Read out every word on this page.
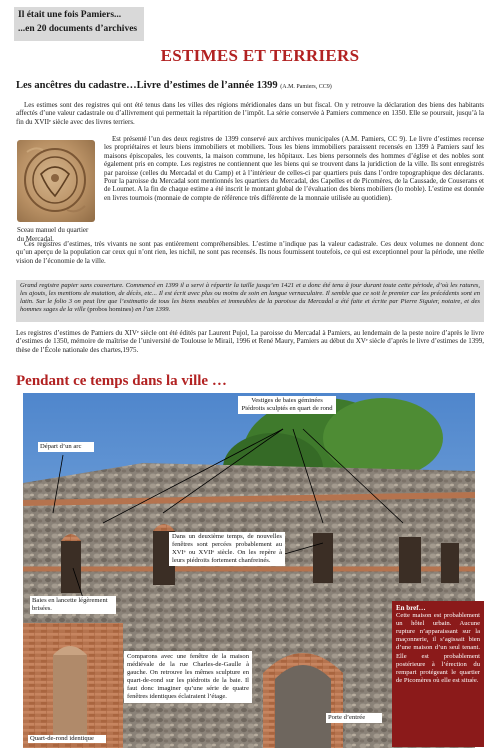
Il était une fois Pamiers...
...en 20 documents d’archives
ESTIMES ET TERRIERS
Les ancêtres du cadastre…Livre d’estimes de l’année 1399 (A.M. Pamiers, CC9)
Les estimes sont des registres qui ont été tenus dans les villes des régions méridionales dans un but fiscal. On y retrouve la déclaration des biens des habitants affectés d’une valeur cadastrale ou d’allivrement qui permettait la répartition de l’impôt. La série conservée à Pamiers commence en 1350. Elle se poursuit, jusqu’à la fin du XVIIᵉ siècle avec des livres terriers.
Sceau manuel du quartier du Mercadal.
Est présenté l’un des deux registres de 1399 conservé aux archives municipales (A.M. Pamiers, CC 9). Le livre d’estimes recense les propriétaires et leurs biens immobiliers et mobiliers. Tous les biens immobiliers paraissent recensés en 1399 à Pamiers sauf les maisons épiscopales, les couvents, la maison commune, les hôpitaux. Les biens personnels des hommes d’église et des nobles sont également pris en compte. Les registres ne contiennent que les biens qui se trouvent dans la juridiction de la ville. Ils sont enregistrés par paroisse (celles du Mercadal et du Camp) et à l’intérieur de celles-ci par quartiers puis dans l’ordre topographique des déclarants. Pour la paroisse du Mercadal sont mentionnés les quartiers du Mercadal, des Capelles et de Picomères, de la Caussade, de Couserans et de Loumet. A la fin de chaque estime a été inscrit le montant global de l’évaluation des biens mobiliers (lo moble). L’estime est donnée en livres tournois (monnaie de compte de référence très différente de la monnaie utilisée au quotidien).
Ces registres d’estimes, très vivants ne sont pas entièrement compréhensibles. L’estime n’indique pas la valeur cadastrale. Ces deux volumes ne donnent donc qu’un aperçu de la population car ceux qui n’ont rien, les nichil, ne sont pas recensés. Ils nous fournissent toutefois, ce qui est exceptionnel pour la période, une réelle vision de l’économie de la ville.
Grand registre papier sans couverture. Commencé en 1399 il a servi à répartir la taille jusqu’en 1421 et a donc été tenu à jour durant toute cette période, d’où les ratures, les ajouts, les mentions de mutation, de décès, etc... Il est écrit avec plus ou moins de soin en langue vernaculaire. Il semble que ce soit le premier car les précédents sont en latin. Sur le folio 3 on peut lire que l’estimatio de tous les biens meubles et immeubles de la paroisse du Mercadal a été faite et écrite par Pierre Siguier, notaire, et des hommes sages de la ville (probos homines) en l’an 1399.
Les registres d’estimes de Pamiers du XIVᵉ siècle ont été édités par Laurent Pujol, La paroisse du Mercadal à Pamiers, au lendemain de la peste noire d’après le livre d’estimes de 1350, mémoire de maîtrise de l’université de Toulouse le Mirail, 1996 et René Maury, Pamiers au début du XVᵉ siècle d’après le livre d’estimes de 1399, thèse de l’École nationale des chartes,1975.
Pendant ce temps dans la ville …
Vestiges de baies géminées Piédroits sculptés en quart de rond
Départ d’un arc
Dans un deuxième temps, de nouvelles fenêtres sont percées probablement au XVIᵉ ou XVIIᵉ siècle. On les repère à leurs piédroits fortement chanfreinés.
Baies en lancette légèrement brisées.
Comparons avec une fenêtre de la maison médiévale de la rue Charles-de-Gaulle à gauche. On retrouve les mêmes sculpture en quart-de-rond sur les piédroits de la baie. Il faut donc imaginer qu’une série de quatre fenêtres identiques éclairaient l’étage.
Quart-de-rond identique
Porte d’entrée
En bref…
Cette maison est probablement un hôtel urbain. Aucune rupture n’apparaissant sur la maçonnerie, il s’agissait bien d’une maison d’un seul tenant. Elle est probablement postérieure à l’érection du rempart protégeant le quartier de Picomères où elle est située.
